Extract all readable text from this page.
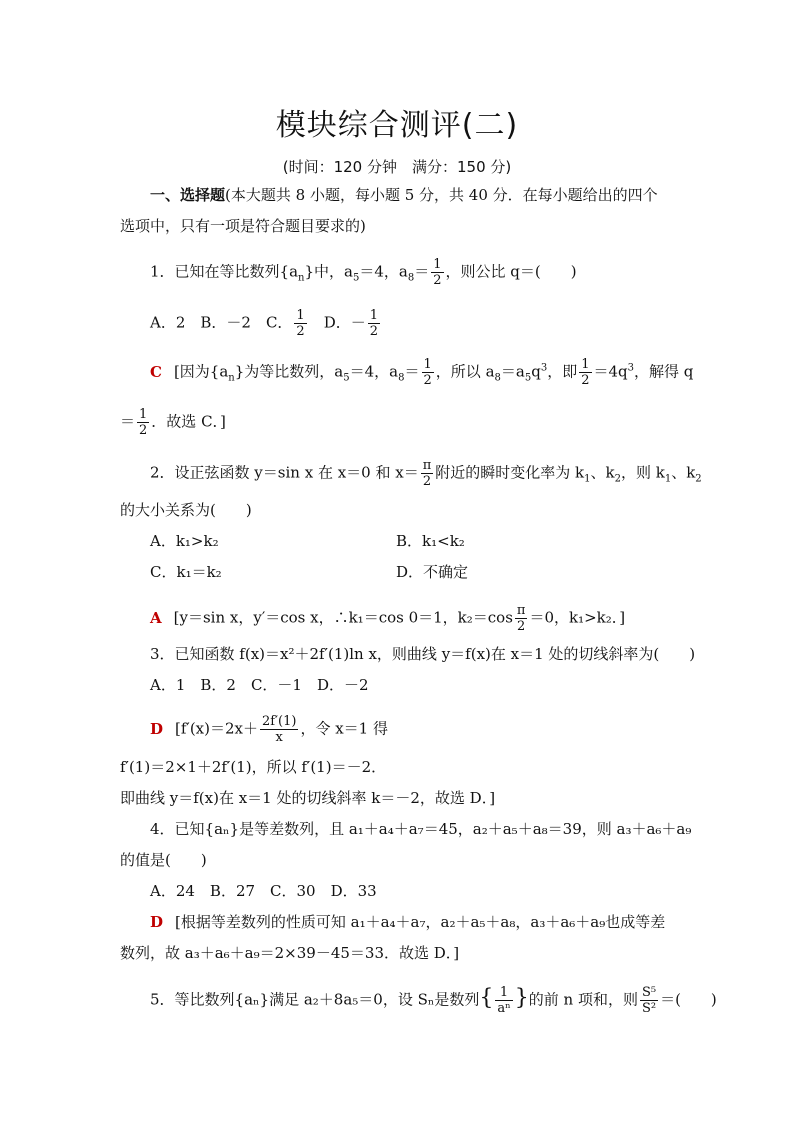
模块综合测评(二)
(时间：120 分钟　满分：150 分)
一、选择题(本大题共 8 小题，每小题 5 分，共 40 分．在每小题给出的四个
选项中，只有一项是符合题目要求的)
1．已知在等比数列$\{a_n\}$中，$a_5=4$，$a_8= \frac{1}{2}$ ，则公比 q＝(　　)
A．2　B．－2　C． $\frac{1}{2}$ 　D．－ $\frac{1}{2}$
C [因为$\{a_n\}$为等比数列，$a_5=4$，$a_8= \frac{1}{2}$ ，所以 $a_8=a_5q^3$，即 $\frac{1}{2} =4q^3$，解得 q
＝ $\frac{1}{2}$ ．故选 C．]
2．设正弦函数 y＝sin x 在 x＝0 和 $x= \frac{\pi}{2}$ 附近的瞬时变化率为 $k_1$、$k_2$，则 $k_1$、$k_2$
的大小关系为(　　)
A．k₁>k₂	B．k₁<k₂
C．k₁＝k₂	D．不确定
A [y＝sin x，y′＝cos x，∴k₁＝cos 0＝1，$k_2=\cos \frac{\pi}{2} =0$，k₁>k₂．]
3．已知函数 f(x)＝x²＋2f′(1)ln x，则曲线 y＝f(x)在 x＝1 处的切线斜率为(　　)
A．1　B．2　C．－1　D．－2
D [$f'(x)=2x+ \frac{2f'(1)}{x}$ ，令 x＝1 得
f′(1)＝2×1＋2f′(1)，所以 f′(1)＝－2．
即曲线 y＝f(x)在 x＝1 处的切线斜率 k＝－2，故选 D．]
4．已知{aₙ}是等差数列，且 a₁＋a₄＋a₇＝45，a₂＋a₅＋a₈＝39，则 a₃＋a₆＋a₉
的值是(　　)
A．24　B．27　C．30　D．33
D [根据等差数列的性质可知 a₁＋a₄＋a₇，a₂＋a₅＋a₈，a₃＋a₆＋a₉也成等差
数列，故 a₃＋a₆＋a₉＝2×39－45＝33．故选 D．]
5．等比数列{aₙ}满足 a₂＋8a₅＝0，设 Sₙ是数列{ $\frac{1}{\text{aⁿ}}$ }的前 n 项和，则 $\frac{\text{S⁵}}{\text{S²}}$ ＝(　　)
